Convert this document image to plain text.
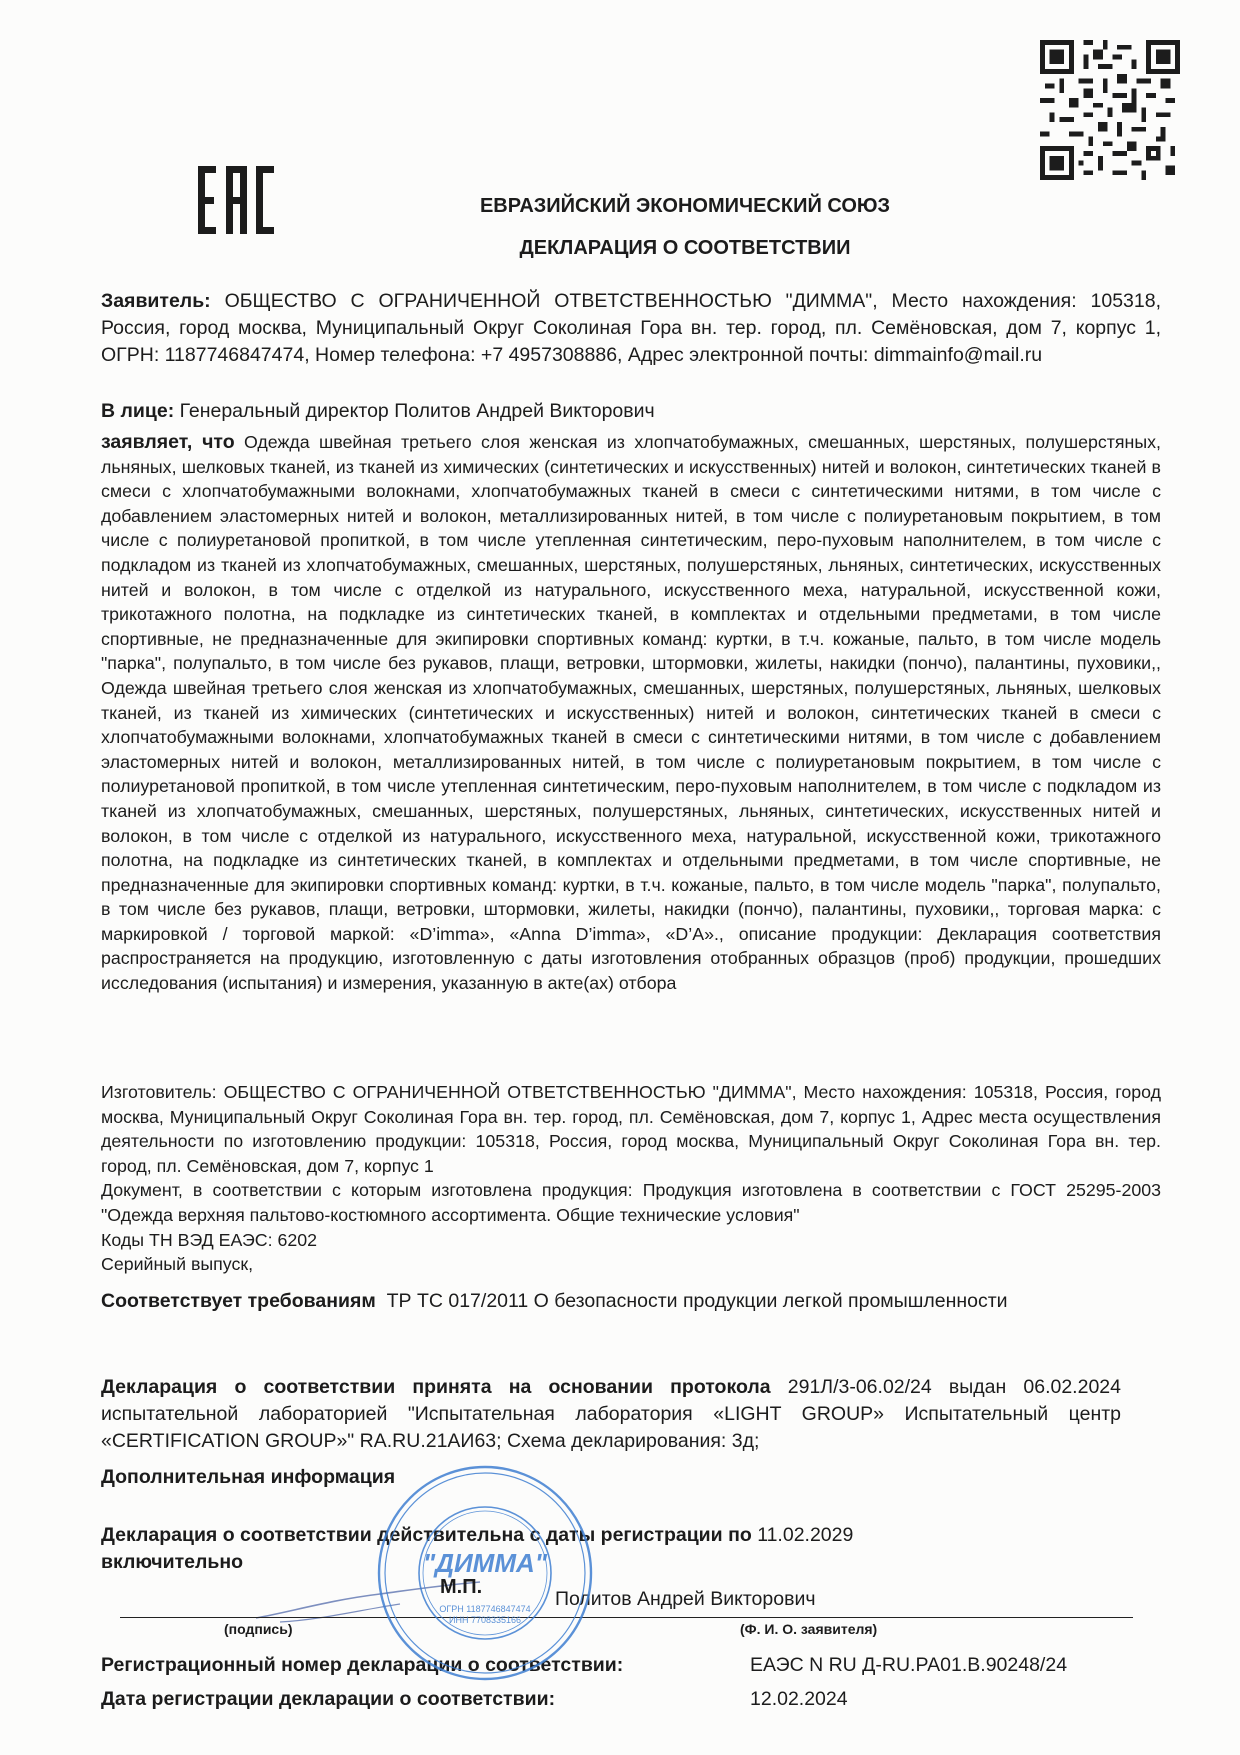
ЕВРАЗИЙСКИЙ ЭКОНОМИЧЕСКИЙ СОЮЗ
ДЕКЛАРАЦИЯ О СООТВЕТСТВИИ
Заявитель: ОБЩЕСТВО С ОГРАНИЧЕННОЙ ОТВЕТСТВЕННОСТЬЮ "ДИММА", Место нахождения: 105318, Россия, город москва, Муниципальный Округ Соколиная Гора вн. тер. город, пл. Семёновская, дом 7, корпус 1, ОГРН: 1187746847474, Номер телефона: +7 4957308886, Адрес электронной почты: dimmainfo@mail.ru
В лице: Генеральный директор Политов Андрей Викторович
заявляет, что Одежда швейная третьего слоя женская из хлопчатобумажных, смешанных, шерстяных, полушерстяных, льняных, шелковых тканей, из тканей из химических (синтетических и искусственных) нитей и волокон, синтетических тканей в смеси с хлопчатобумажными волокнами, хлопчатобумажных тканей в смеси с синтетическими нитями, в том числе с добавлением эластомерных нитей и волокон, металлизированных нитей, в том числе с полиуретановым покрытием, в том числе с полиуретановой пропиткой, в том числе утепленная синтетическим, перо-пуховым наполнителем, в том числе с подкладом из тканей из хлопчатобумажных, смешанных, шерстяных, полушерстяных, льняных, синтетических, искусственных нитей и волокон, в том числе с отделкой из натурального, искусственного меха, натуральной, искусственной кожи, трикотажного полотна, на подкладке из синтетических тканей, в комплектах и отдельными предметами, в том числе спортивные, не предназначенные для экипировки спортивных команд: куртки, в т.ч. кожаные, пальто, в том числе модель "парка", полупальто, в том числе без рукавов, плащи, ветровки, штормовки, жилеты, накидки (пончо), палантины, пуховики,, Одежда швейная третьего слоя женская из хлопчатобумажных, смешанных, шерстяных, полушерстяных, льняных, шелковых тканей, из тканей из химических (синтетических и искусственных) нитей и волокон, синтетических тканей в смеси с хлопчатобумажными волокнами, хлопчатобумажных тканей в смеси с синтетическими нитями, в том числе с добавлением эластомерных нитей и волокон, металлизированных нитей, в том числе с полиуретановым покрытием, в том числе с полиуретановой пропиткой, в том числе утепленная синтетическим, перо-пуховым наполнителем, в том числе с подкладом из тканей из хлопчатобумажных, смешанных, шерстяных, полушерстяных, льняных, синтетических, искусственных нитей и волокон, в том числе с отделкой из натурального, искусственного меха, натуральной, искусственной кожи, трикотажного полотна, на подкладке из синтетических тканей, в комплектах и отдельными предметами, в том числе спортивные, не предназначенные для экипировки спортивных команд: куртки, в т.ч. кожаные, пальто, в том числе модель "парка", полупальто, в том числе без рукавов, плащи, ветровки, штормовки, жилеты, накидки (пончо), палантины, пуховики,, торговая марка: с маркировкой / торговой маркой: «D’imma», «Anna D’imma», «D’A»., описание продукции: Декларация соответствия распространяется на продукцию, изготовленную с даты изготовления отобранных образцов (проб) продукции, прошедших исследования (испытания) и измерения, указанную в акте(ах) отбора
Изготовитель: ОБЩЕСТВО С ОГРАНИЧЕННОЙ ОТВЕТСТВЕННОСТЬЮ "ДИММА", Место нахождения: 105318, Россия, город москва, Муниципальный Округ Соколиная Гора вн. тер. город, пл. Семёновская, дом 7, корпус 1, Адрес места осуществления деятельности по изготовлению продукции: 105318, Россия, город москва, Муниципальный Округ Соколиная Гора вн. тер. город, пл. Семёновская, дом 7, корпус 1
Документ, в соответствии с которым изготовлена продукция: Продукция изготовлена в соответствии с ГОСТ 25295-2003 "Одежда верхняя пальтово-костюмного ассортимента. Общие технические условия"
Коды ТН ВЭД ЕАЭС: 6202
Серийный выпуск,
Соответствует требованиям ТР ТС 017/2011 О безопасности продукции легкой промышленности
Декларация о соответствии принята на основании протокола 291Л/3-06.02/24 выдан 06.02.2024 испытательной лабораторией "Испытательная лаборатория «LIGHT GROUP» Испытательный центр «CERTIFICATION GROUP»" RA.RU.21АИ63; Схема декларирования: 3д;
Дополнительная информация
Декларация о соответствии действительна с даты регистрации по 11.02.2029
включительно
М.П.
Политов Андрей Викторович
(подпись)	(Ф. И. О. заявителя)
Регистрационный номер декларации о соответствии:	ЕАЭС N RU Д-RU.РА01.В.90248/24
Дата регистрации декларации о соответствии:	12.02.2024
"ДИММА"
ОГРН 1187746847474
ИНН 7708335166
